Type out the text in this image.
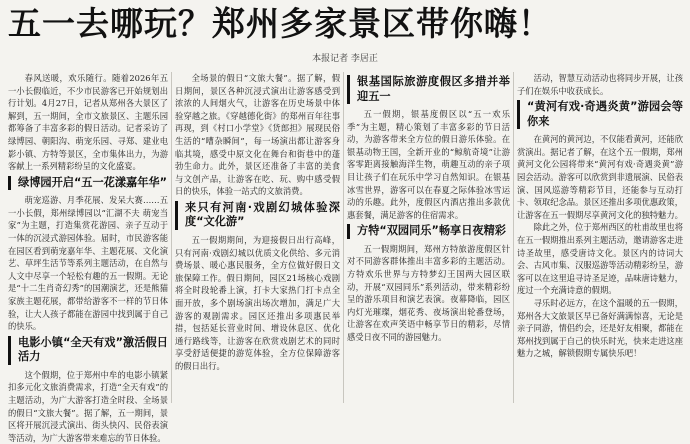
五一去哪玩？郑州多家景区带你嗨！
本报记者 李居正

春风送暖，欢乐随行。随着2026年五一小长假临近，不少市民游客已开始规划出行计划。4月27日，记者从郑州各大景区了解到，五一期间，全市文旅景区、主题乐园都筹备了丰富多彩的假日活动。记者采访了绿博园、朝阳沟、萌宠乐园、寻郑、建业电影小镇、方特等景区，全市集体出力，为游客献上一系列精彩纷呈的文化盛宴。

绿博园开启“五一花漾嘉年华”

萌宠巡游、月季花展、发呆大赛……五一小长假，郑州绿博园以“汇湖不夫 萌宠当家”为主题，打造集赏花游园、亲子互动于一体的沉浸式游园体验。届时，市民游客能在园区看到萌宠嘉年华、主题花展、文化演艺、草坪生活节等系列主题活动，在自然与人文中尽享一个轻松有趣的五一假期。无论是“十二生肖奇幻秀”的国潮演艺，还是熊猫家族主题花展，都带给游客不一样的节日体验，让大人孩子都能在游园中找到属于自己的快乐。

电影小镇“全天有戏”激活假日活力

这个假期，位于郑州中牟的电影小镇紧扣多元化文旅消费需求，打造“全天有戏”的主题活动，为广大游客打造全时段、全场景的假日“文旅大餐”。据了解，五一期间，景区将开展沉浸式演出、街头快闪、民俗表演等活动，为广大游客带来难忘的节日体验。

全场景的假日“文旅大餐”。据了解，假日期间，景区各种沉浸式演出让游客感受到浓浓的人间烟火气，让游客在历史场景中体验穿越之旅。《穿越德化街》的郑州百年往事再现，到《村口小学堂》《货郎担》展现民俗生活的“嘈杂瞬间”，每一场演出都让游客身临其境，感受中原文化在舞台和街巷中的蓬勃生命力。此外，景区还准备了丰富的美食与文创产品，让游客在吃、玩、购中感受假日的快乐，体验一站式的文旅消费。

来只有河南·戏剧幻城体验深度“文化游”

五一假期期间，为迎接假日出行高峰，只有河南·戏剧幻城以优质文化供给、多元消费场景、暖心惠民服务，全方位做好假日文旅保障工作。假日期间，园区21场核心戏剧将全时段轮番上演，打卡大家热门打卡点全面开放，多个剧场演出场次增加，满足广大游客的观剧需求。园区还推出多项惠民举措，包括延长营业时间、增设休息区、优化通行路线等，让游客在欣赏戏剧艺术的同时享受舒适便捷的游览体验，全方位保障游客的假日出行。

银基国际旅游度假区多措并举迎五一

五一假期，银基度假区以“五一欢乐季”为主题，精心策划了丰富多彩的节日活动，为游客带来全方位的假日游乐体验。在银基动物王国，全新开业的“鲸航奇境”让游客零距离接触海洋生物，萌趣互动的亲子项目让孩子们在玩乐中学习自然知识。在银基冰雪世界，游客可以在春夏之际体验冰雪运动的乐趣。此外，度假区内酒店推出多款优惠套餐，满足游客的住宿需求。

方特“双园同乐”畅享日夜精彩

五一假期期间，郑州方特旅游度假区针对不同游客群体推出丰富多彩的主题活动。方特欢乐世界与方特梦幻王国两大园区联动，开展“双园同乐”系列活动，带来精彩纷呈的游乐项目和演艺表演。夜幕降临，园区内灯光璀璨，烟花秀、夜场演出轮番登场，让游客在欢声笑语中畅享节日的精彩，尽情感受日夜不同的游园魅力。

活动，智慧互动活动也将同步开展，让孩子们在娱乐中收获成长。

“黄河有戏·奇遇炎黄”游园会等你来

在黄河的黄河边，不仅能看黄河，还能欣赏演出。据记者了解，在这个五一假期，郑州黄河文化公园将带来“黄河有戏·奇遇炎黄”游园会活动。游客可以欣赏到非遗展演、民俗表演、国风巡游等精彩节目，还能参与互动打卡、领取纪念品。景区还推出多项优惠政策，让游客在五一假期尽享黄河文化的独特魅力。

除此之外，位于郑州西区的杜甫故里也将在五一假期推出系列主题活动，邀请游客走进诗圣故里，感受唐诗文化。景区内的诗词大会、古风市集、汉服巡游等活动精彩纷呈，游客可以在这里追寻诗圣足迹，品味唐诗魅力，度过一个充满诗意的假期。

寻乐时必远方，在这个温暖的五一假期，郑州各大文旅景区早已备好满满惊喜，无论是亲子同游，情侣约会，还是好友相聚，都能在郑州找到属于自己的快乐时光，快来走进这座魅力之城，解锁假期专属快乐吧！
